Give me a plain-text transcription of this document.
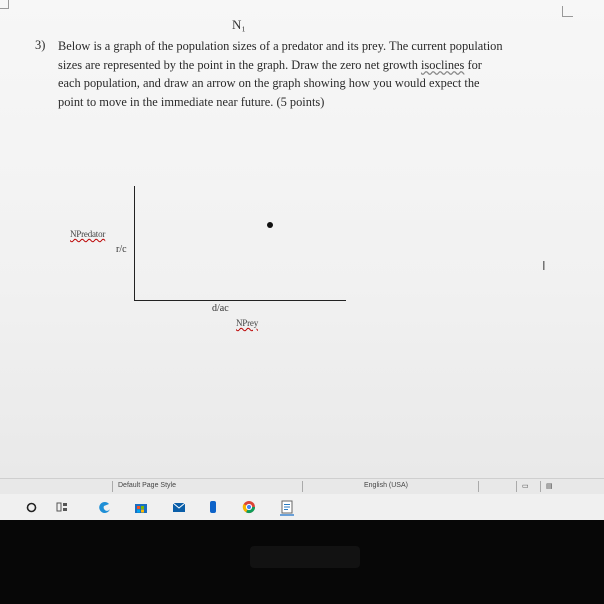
N₁
3) Below is a graph of the population sizes of a predator and its prey. The current population
sizes are represented by the point in the graph. Draw the zero net growth isoclines for
each population, and draw an arrow on the graph showing how you would expect the
point to move in the immediate near future. (5 points)
NPredator
r/c
d/ac
NPrey
I
Default Page Style	English (USA)	▭ ▤
